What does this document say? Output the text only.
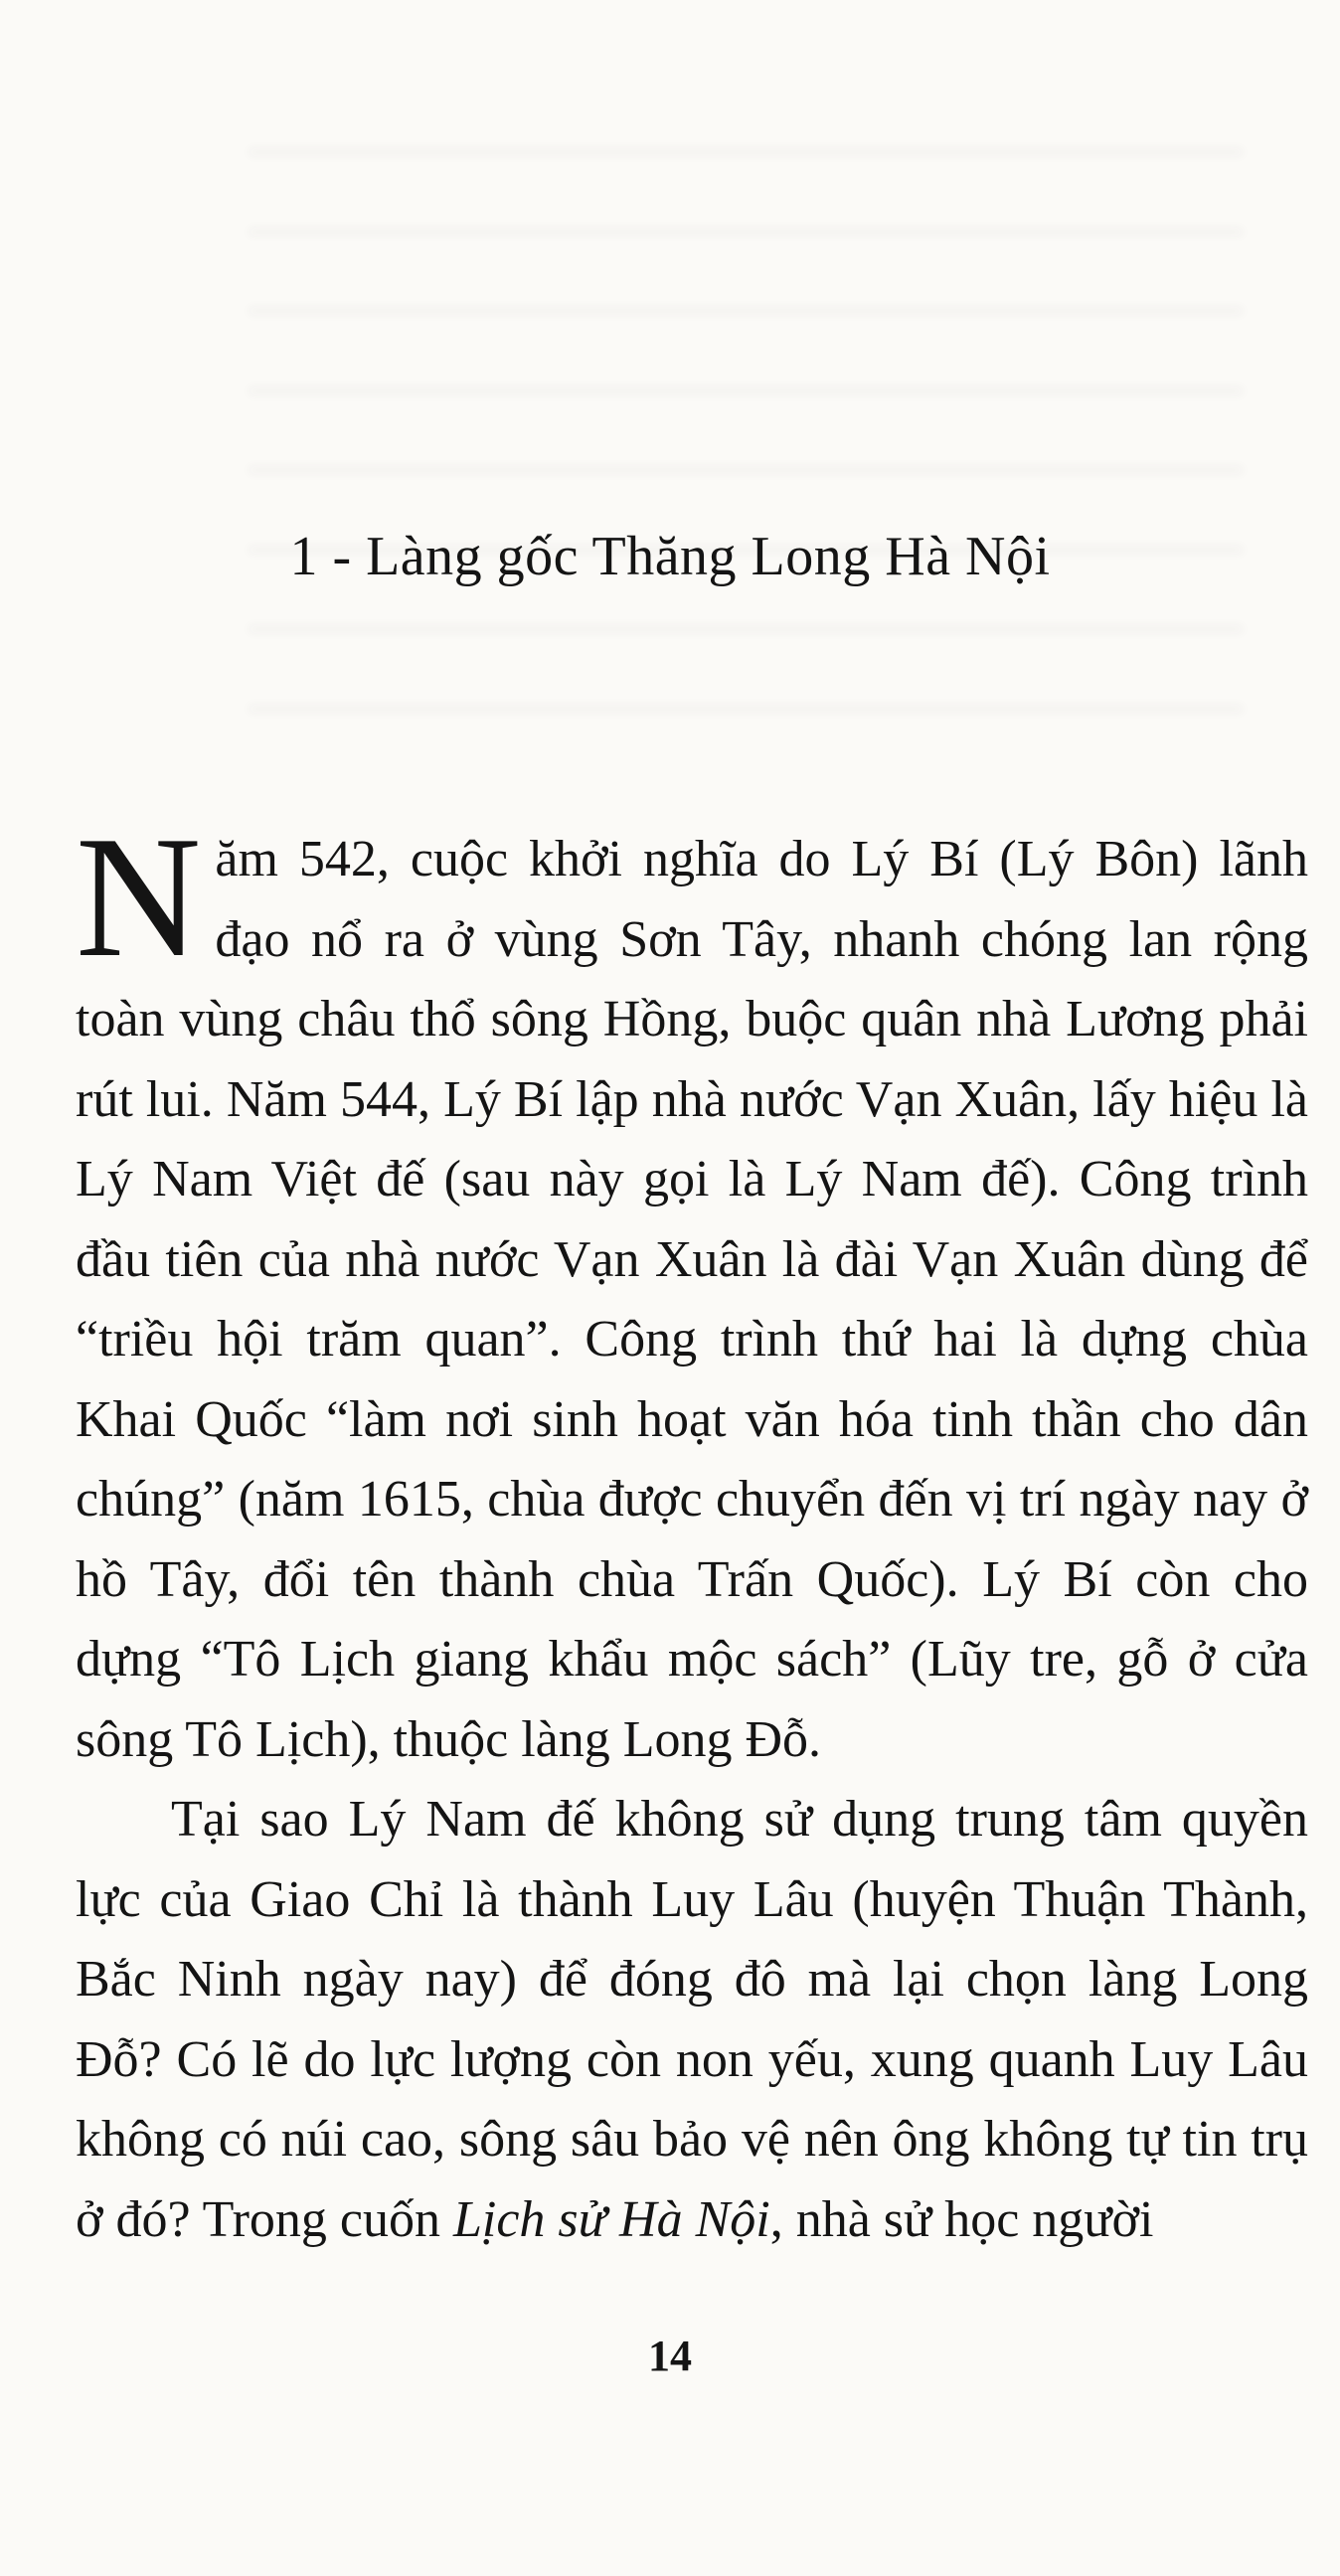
1 - Làng gốc Thăng Long Hà Nội

Năm 542, cuộc khởi nghĩa do Lý Bí (Lý Bôn) lãnh đạo nổ ra ở vùng Sơn Tây, nhanh chóng lan rộng toàn vùng châu thổ sông Hồng, buộc quân nhà Lương phải rút lui. Năm 544, Lý Bí lập nhà nước Vạn Xuân, lấy hiệu là Lý Nam Việt đế (sau này gọi là Lý Nam đế). Công trình đầu tiên của nhà nước Vạn Xuân là đài Vạn Xuân dùng để “triều hội trăm quan”. Công trình thứ hai là dựng chùa Khai Quốc “làm nơi sinh hoạt văn hóa tinh thần cho dân chúng” (năm 1615, chùa được chuyển đến vị trí ngày nay ở hồ Tây, đổi tên thành chùa Trấn Quốc). Lý Bí còn cho dựng “Tô Lịch giang khẩu mộc sách” (Lũy tre, gỗ ở cửa sông Tô Lịch), thuộc làng Long Đỗ.

Tại sao Lý Nam đế không sử dụng trung tâm quyền lực của Giao Chỉ là thành Luy Lâu (huyện Thuận Thành, Bắc Ninh ngày nay) để đóng đô mà lại chọn làng Long Đỗ? Có lẽ do lực lượng còn non yếu, xung quanh Luy Lâu không có núi cao, sông sâu bảo vệ nên ông không tự tin trụ ở đó? Trong cuốn Lịch sử Hà Nội, nhà sử học người

14
